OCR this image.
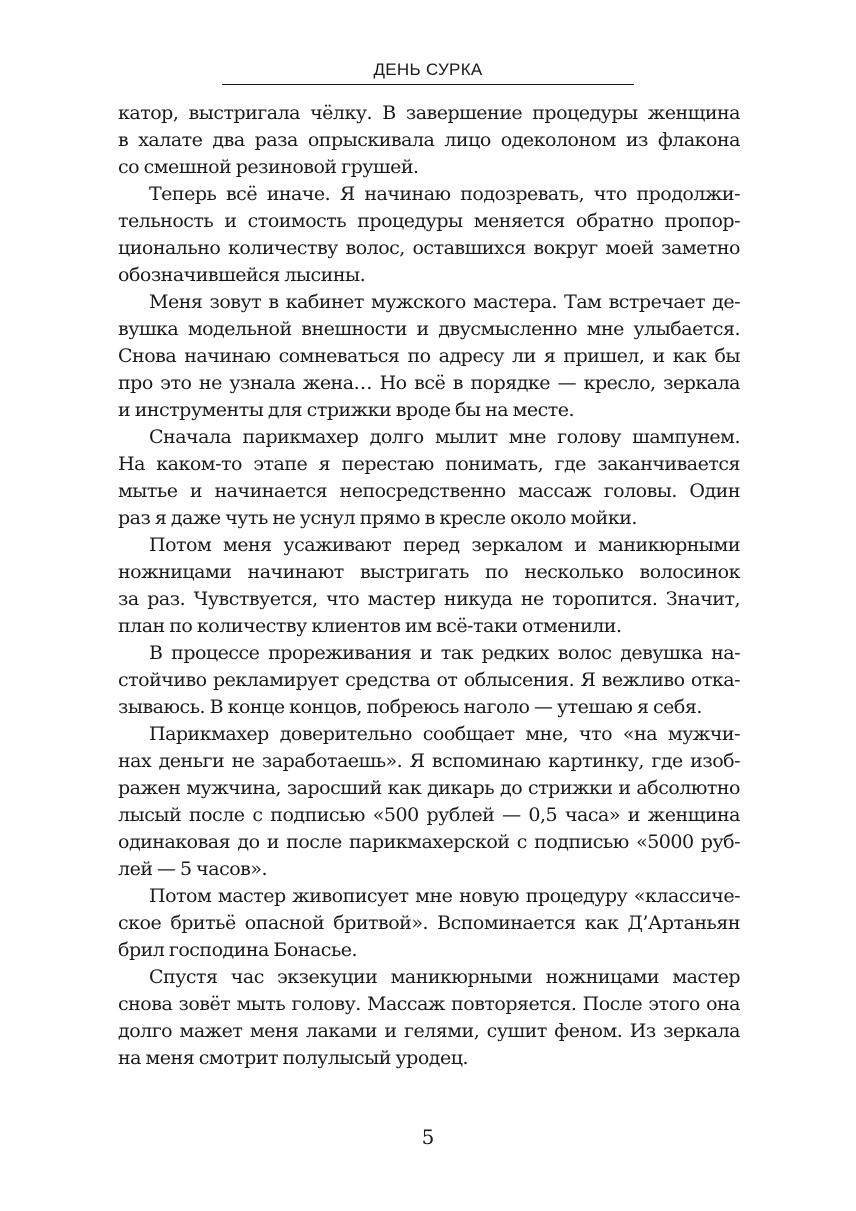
ДЕНЬ СУРКА
катор, выстригала чёлку. В завершение процедуры женщина
в халате два раза опрыскивала лицо одеколоном из флакона
со смешной резиновой грушей.
Теперь всё иначе. Я начинаю подозревать, что продолжи-
тельность и стоимость процедуры меняется обратно пропор-
ционально количеству волос, оставшихся вокруг моей заметно
обозначившейся лысины.
Меня зовут в кабинет мужского мастера. Там встречает де-
вушка модельной внешности и двусмысленно мне улыбается.
Снова начинаю сомневаться по адресу ли я пришел, и как бы
про это не узнала жена… Но всё в порядке — кресло, зеркала
и инструменты для стрижки вроде бы на месте.
Сначала парикмахер долго мылит мне голову шампунем.
На каком-то этапе я перестаю понимать, где заканчивается
мытье и начинается непосредственно массаж головы. Один
раз я даже чуть не уснул прямо в кресле около мойки.
Потом меня усаживают перед зеркалом и маникюрными
ножницами начинают выстригать по несколько волосинок
за раз. Чувствуется, что мастер никуда не торопится. Значит,
план по количеству клиентов им всё-таки отменили.
В процессе прореживания и так редких волос девушка на-
стойчиво рекламирует средства от облысения. Я вежливо отка-
зываюсь. В конце концов, побреюсь наголо — утешаю я себя.
Парикмахер доверительно сообщает мне, что «на мужчи-
нах деньги не заработаешь». Я вспоминаю картинку, где изоб-
ражен мужчина, заросший как дикарь до стрижки и абсолютно
лысый после с подписью «500 рублей — 0,5 часа» и женщина
одинаковая до и после парикмахерской с подписью «5000 руб-
лей — 5 часов».
Потом мастер живописует мне новую процедуру «классиче-
ское бритьё опасной бритвой». Вспоминается как Д’Артаньян
брил господина Бонасье.
Спустя час экзекуции маникюрными ножницами мастер
снова зовёт мыть голову. Массаж повторяется. После этого она
долго мажет меня лаками и гелями, сушит феном. Из зеркала
на меня смотрит полулысый уродец.
5
